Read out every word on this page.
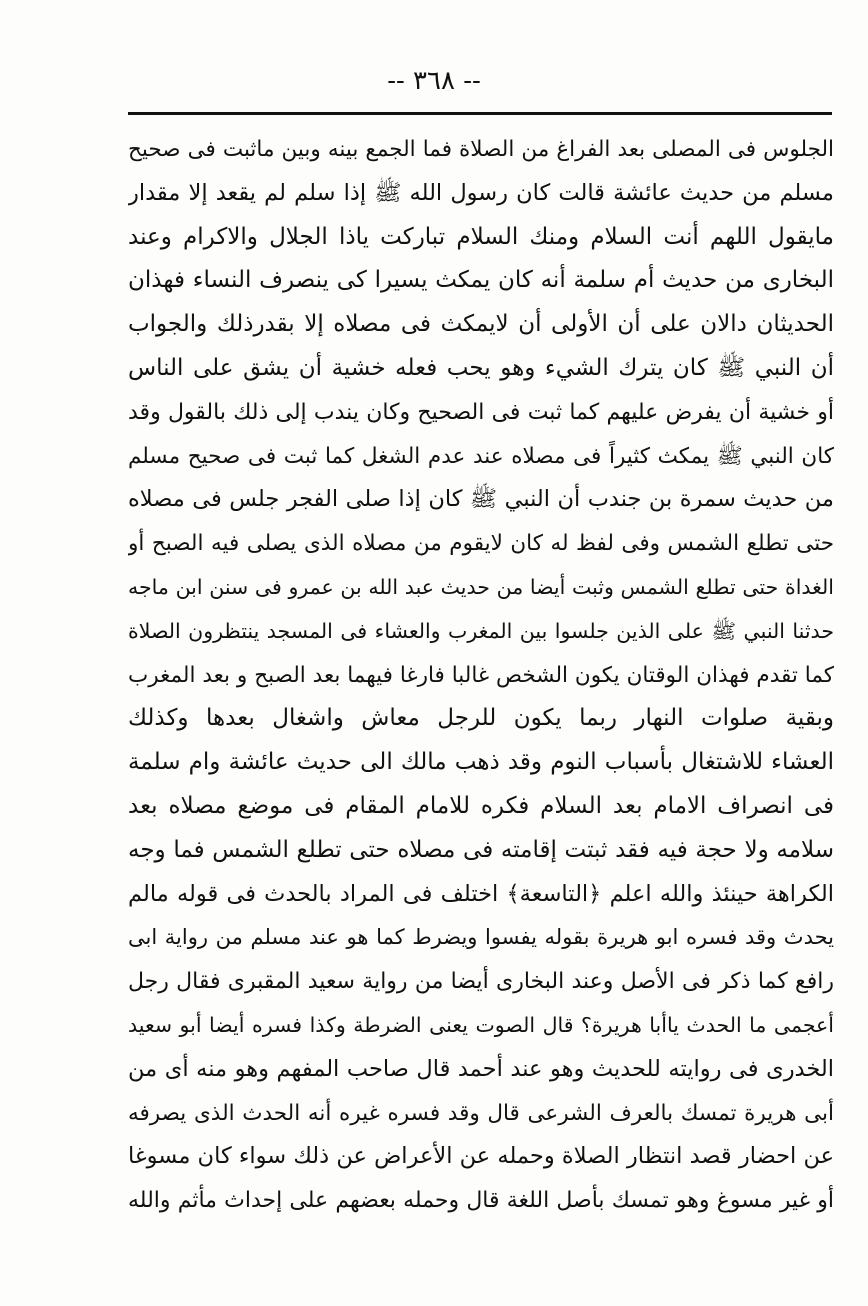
-- ٣٦٨ --
الجلوس فى المصلى بعد الفراغ من الصلاة فما الجمع بينه وبين ماثبت فى صحيح
مسلم من حديث عائشة قالت كان رسول الله ﷺ إذا سلم لم يقعد إلا مقدار
مايقول اللهم أنت السلام ومنك السلام تباركت ياذا الجلال والاكرام وعند
البخارى من حديث أم سلمة أنه كان يمكث يسيرا كى ينصرف النساء فهذان
الحديثان دالان على أن الأولى أن لايمكث فى مصلاه إلا بقدرذلك والجواب
أن النبي ﷺ كان يترك الشيء وهو يحب فعله خشية أن يشق على الناس
أو خشية أن يفرض عليهم كما ثبت فى الصحيح وكان يندب إلى ذلك بالقول وقد
كان النبي ﷺ يمكث كثيراً فى مصلاه عند عدم الشغل كما ثبت فى صحيح مسلم
من حديث سمرة بن جندب أن النبي ﷺ كان إذا صلى الفجر جلس فى مصلاه
حتى تطلع الشمس وفى لفظ له كان لايقوم من مصلاه الذى يصلى فيه الصبح أو
الغداة حتى تطلع الشمس وثبت أيضا من حديث عبد الله بن عمرو فى سنن ابن ماجه
حدثنا النبي ﷺ على الذين جلسوا بين المغرب والعشاء فى المسجد ينتظرون الصلاة
كما تقدم فهذان الوقتان يكون الشخص غالبا فارغا فيهما بعد الصبح و بعد المغرب
وبقية صلوات النهار ربما يكون للرجل معاش واشغال بعدها وكذلك
العشاء للاشتغال بأسباب النوم وقد ذهب مالك الى حديث عائشة وام سلمة
فى انصراف الامام بعد السلام فكره للامام المقام فى موضع مصلاه بعد
سلامه ولا حجة فيه فقد ثبتت إقامته فى مصلاه حتى تطلع الشمس فما وجه
الكراهة حينئذ والله اعلم ﴿التاسعة﴾ اختلف فى المراد بالحدث فى قوله مالم
يحدث وقد فسره ابو هريرة بقوله يفسوا ويضرط كما هو عند مسلم من رواية ابى
رافع كما ذكر فى الأصل وعند البخارى أيضا من رواية سعيد المقبرى فقال رجل
أعجمى ما الحدث ياأبا هريرة؟ قال الصوت يعنى الضرطة وكذا فسره أيضا أبو سعيد
الخدرى فى روايته للحديث وهو عند أحمد قال صاحب المفهم وهو منه أى من
أبى هريرة تمسك بالعرف الشرعى قال وقد فسره غيره أنه الحدث الذى يصرفه
عن احضار قصد انتظار الصلاة وحمله عن الأعراض عن ذلك سواء كان مسوغا
أو غير مسوغ وهو تمسك بأصل اللغة قال وحمله بعضهم على إحداث مأثم والله
